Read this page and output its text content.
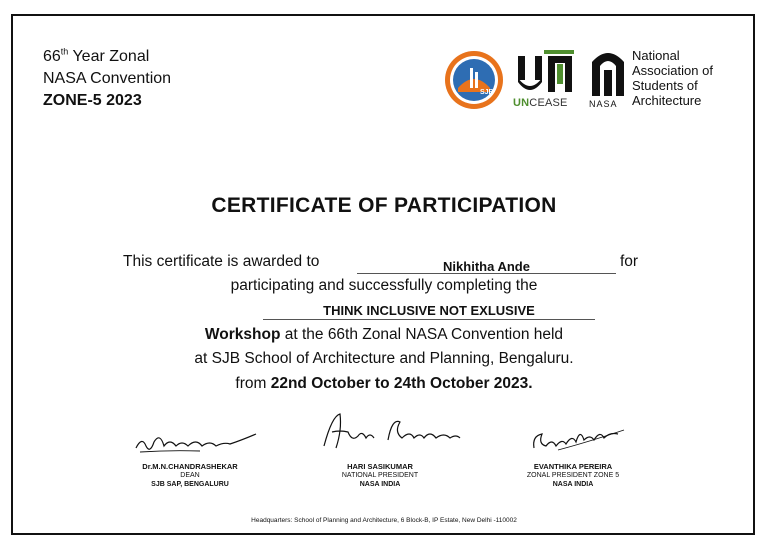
66th Year Zonal
NASA Convention
ZONE-5 2023	SJB
UNCEASE NASA
National
Association of
Students of
Architecture
CERTIFICATE OF PARTICIPATION
This certificate is awarded to	Nikhitha Ande	for
participating and successfully completing the
THINK INCLUSIVE NOT EXLUSIVE
Workshop at the 66th Zonal NASA Convention held
at SJB School of Architecture and Planning, Bengaluru.
from 22nd October to 24th October 2023.
Dr.M.N.CHANDRASHEKAR
DEAN
SJB SAP, BENGALURU
HARI SASIKUMAR
NATIONAL PRESIDENT
NASA INDIA
EVANTHIKA PEREIRA
ZONAL PRESIDENT ZONE 5
NASA INDIA
Headquarters: School of Planning and Architecture, 6 Block-B, IP Estate, New Delhi -110002
